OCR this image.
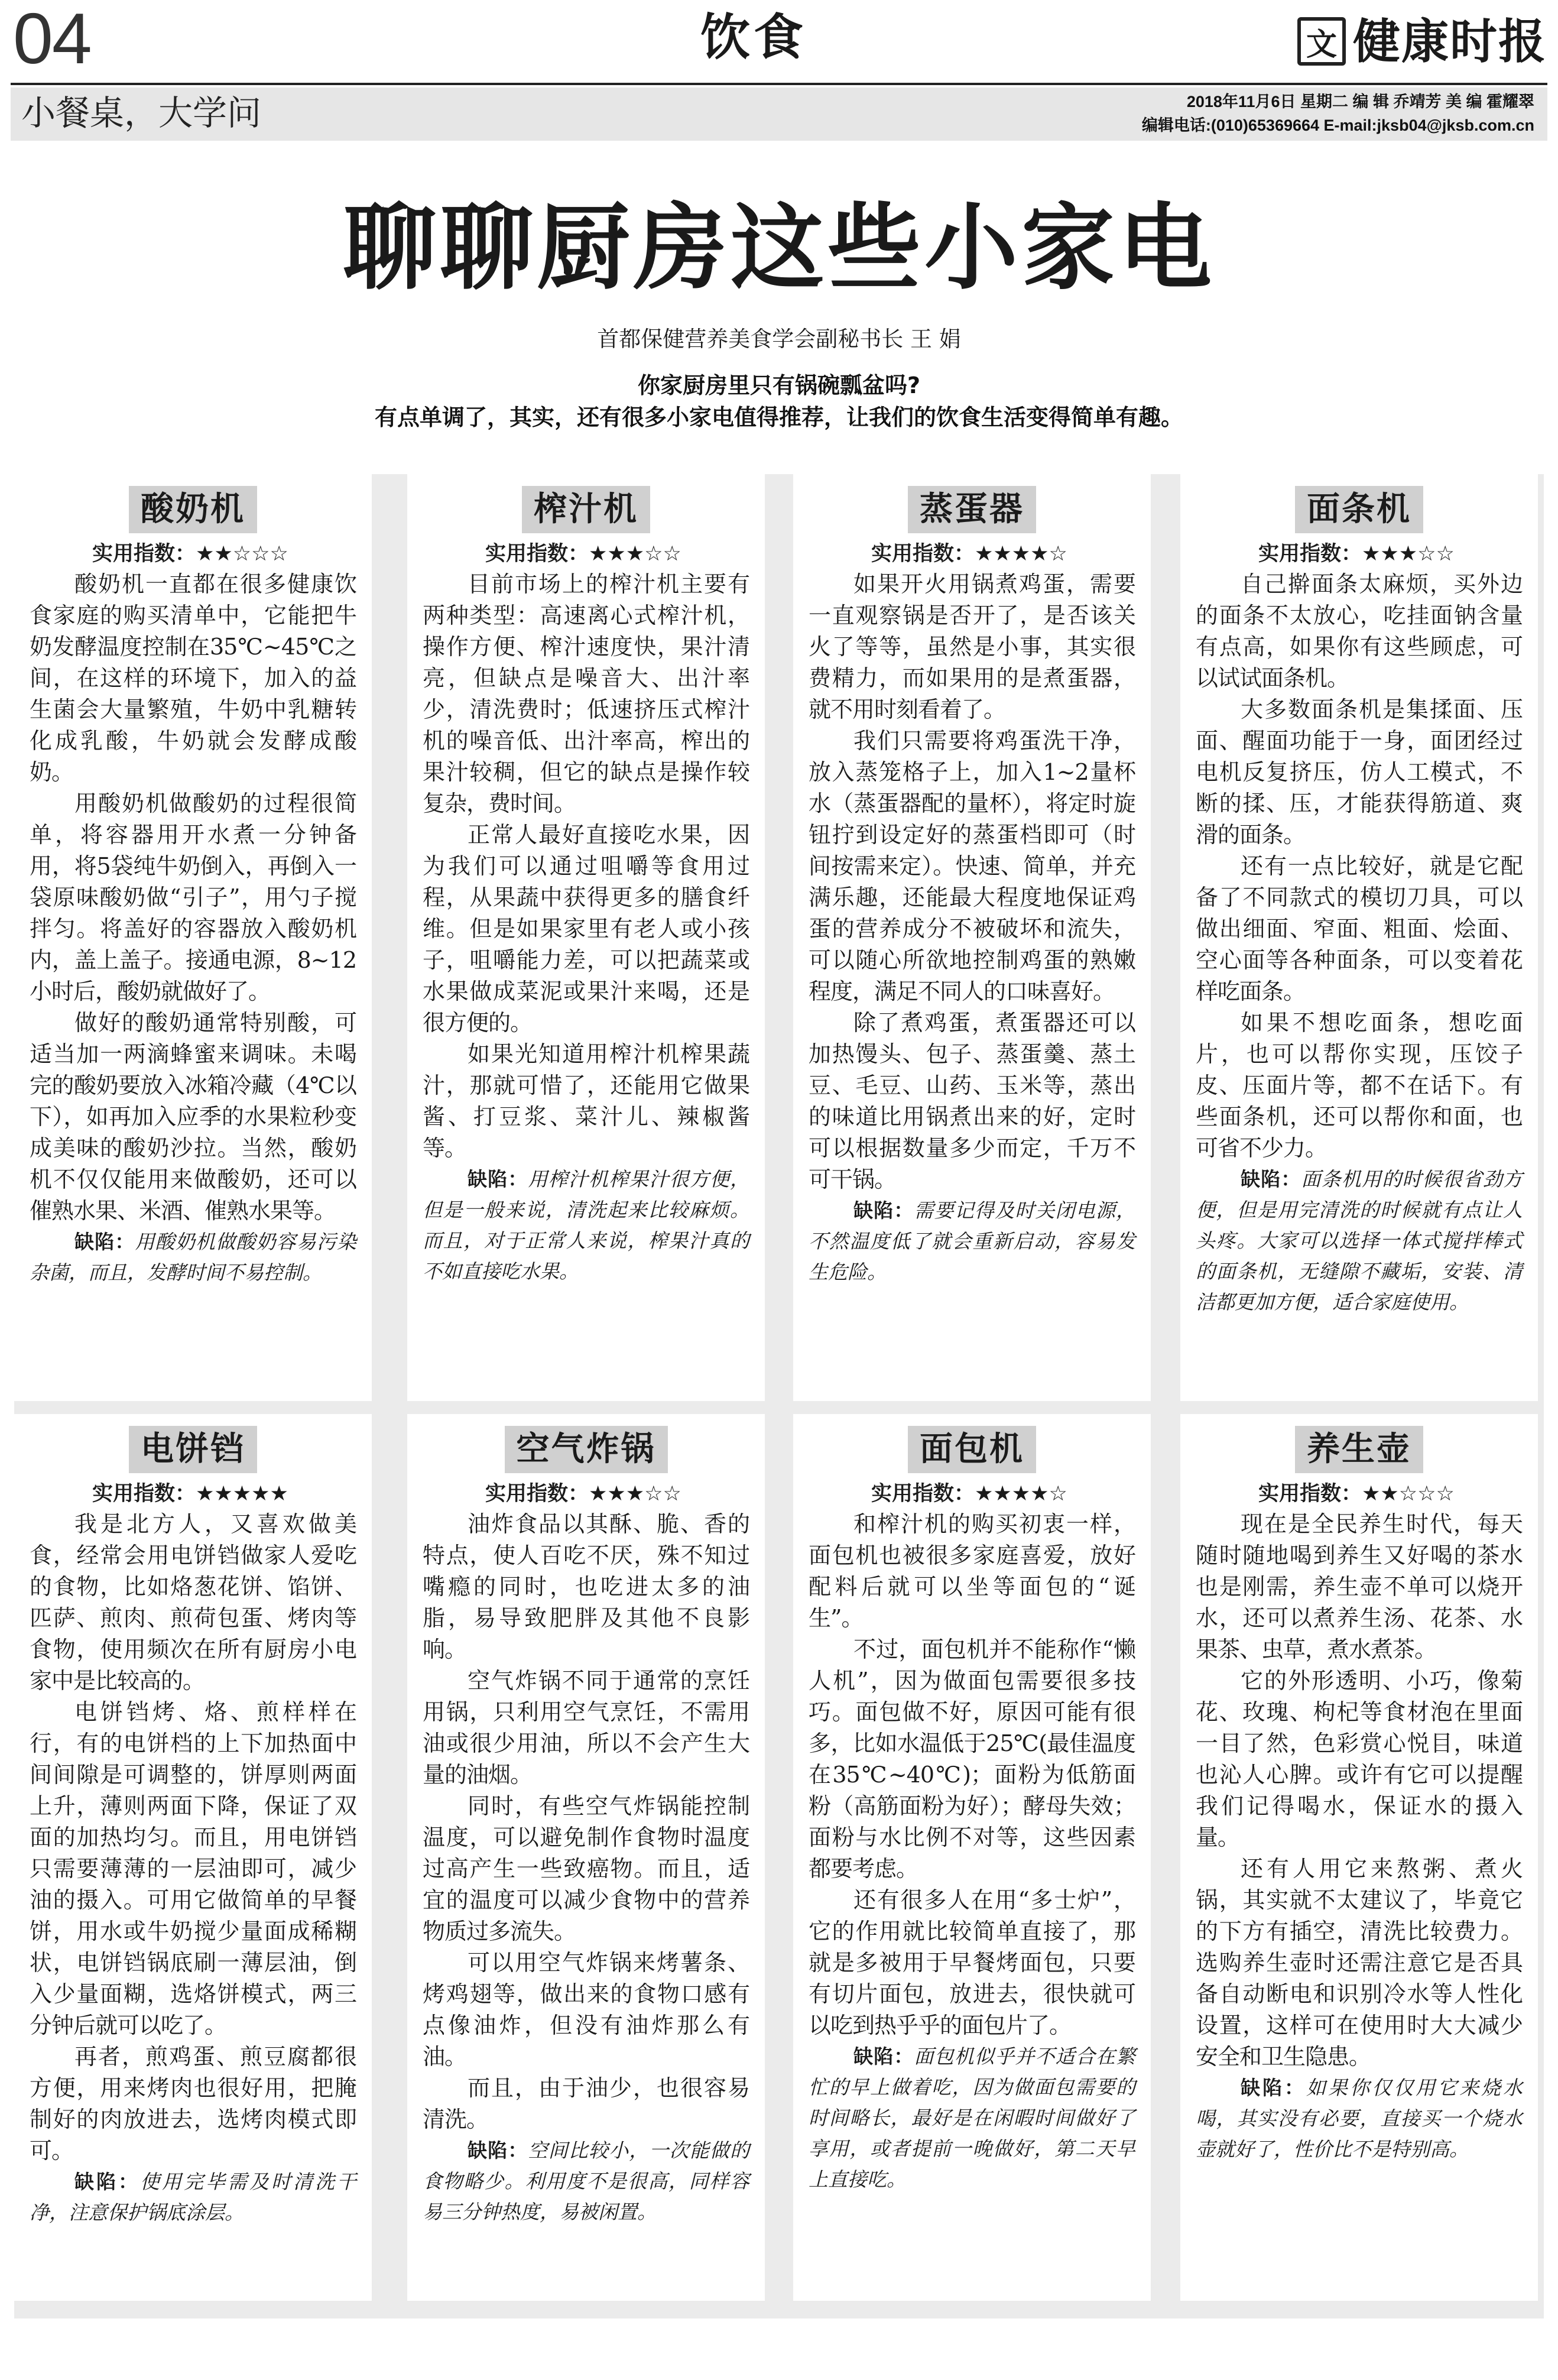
04	饮食	文 健康时报
小餐桌，大学问	2018年11月6日 星期二 编 辑 乔靖芳 美 编 霍耀翠
编辑电话:(010)65369664 E-mail:jksb04@jksb.com.cn
聊聊厨房这些小家电
首都保健营养美食学会副秘书长 王 娟

你家厨房里只有锅碗瓢盆吗?

有点单调了，其实，还有很多小家电值得推荐，让我们的饮食生活变得简单有趣。

酸奶机
实用指数：★★☆☆☆

酸奶机一直都在很多健康饮食家庭的购买清单中，它能把牛奶发酵温度控制在35℃~45℃之间，在这样的环境下，加入的益生菌会大量繁殖，牛奶中乳糖转化成乳酸，牛奶就会发酵成酸奶。

用酸奶机做酸奶的过程很简单，将容器用开水煮一分钟备用，将5袋纯牛奶倒入，再倒入一袋原味酸奶做“引子”，用勺子搅拌匀。将盖好的容器放入酸奶机内，盖上盖子。接通电源，8~12小时后，酸奶就做好了。

做好的酸奶通常特别酸，可适当加一两滴蜂蜜来调味。未喝完的酸奶要放入冰箱冷藏（4℃以下），如再加入应季的水果粒秒变成美味的酸奶沙拉。当然，酸奶机不仅仅能用来做酸奶，还可以催熟水果、米酒、催熟水果等。

缺陷：用酸奶机做酸奶容易污染杂菌，而且，发酵时间不易控制。

榨汁机
实用指数：★★★☆☆

目前市场上的榨汁机主要有两种类型：高速离心式榨汁机，操作方便、榨汁速度快，果汁清亮，但缺点是噪音大、出汁率少，清洗费时；低速挤压式榨汁机的噪音低、出汁率高，榨出的果汁较稠，但它的缺点是操作较复杂，费时间。

正常人最好直接吃水果，因为我们可以通过咀嚼等食用过程，从果蔬中获得更多的膳食纤维。但是如果家里有老人或小孩子，咀嚼能力差，可以把蔬菜或水果做成菜泥或果汁来喝，还是很方便的。

如果光知道用榨汁机榨果蔬汁，那就可惜了，还能用它做果酱、打豆浆、菜汁儿、辣椒酱等。

缺陷：用榨汁机榨果汁很方便，但是一般来说，清洗起来比较麻烦。而且，对于正常人来说，榨果汁真的不如直接吃水果。

蒸蛋器
实用指数：★★★★☆

如果开火用锅煮鸡蛋，需要一直观察锅是否开了，是否该关火了等等，虽然是小事，其实很费精力，而如果用的是煮蛋器，就不用时刻看着了。

我们只需要将鸡蛋洗干净，放入蒸笼格子上，加入1~2量杯水（蒸蛋器配的量杯），将定时旋钮拧到设定好的蒸蛋档即可（时间按需来定）。快速、简单，并充满乐趣，还能最大程度地保证鸡蛋的营养成分不被破坏和流失，可以随心所欲地控制鸡蛋的熟嫩程度，满足不同人的口味喜好。

除了煮鸡蛋，煮蛋器还可以加热馒头、包子、蒸蛋羹、蒸土豆、毛豆、山药、玉米等，蒸出的味道比用锅煮出来的好，定时可以根据数量多少而定，千万不可干锅。

缺陷：需要记得及时关闭电源，不然温度低了就会重新启动，容易发生危险。

面条机
实用指数：★★★☆☆

自己擀面条太麻烦，买外边的面条不太放心，吃挂面钠含量有点高，如果你有这些顾虑，可以试试面条机。

大多数面条机是集揉面、压面、醒面功能于一身，面团经过电机反复挤压，仿人工模式，不断的揉、压，才能获得筋道、爽滑的面条。

还有一点比较好，就是它配备了不同款式的模切刀具，可以做出细面、窄面、粗面、烩面、空心面等各种面条，可以变着花样吃面条。

如果不想吃面条，想吃面片，也可以帮你实现，压饺子皮、压面片等，都不在话下。有些面条机，还可以帮你和面，也可省不少力。

缺陷：面条机用的时候很省劲方便，但是用完清洗的时候就有点让人头疼。大家可以选择一体式搅拌棒式的面条机，无缝隙不藏垢，安装、清洁都更加方便，适合家庭使用。

电饼铛
实用指数：★★★★★

我是北方人，又喜欢做美食，经常会用电饼铛做家人爱吃的食物，比如烙葱花饼、馅饼、匹萨、煎肉、煎荷包蛋、烤肉等食物，使用频次在所有厨房小电家中是比较高的。

电饼铛烤、烙、煎样样在行，有的电饼档的上下加热面中间间隙是可调整的，饼厚则两面上升，薄则两面下降，保证了双面的加热均匀。而且，用电饼铛只需要薄薄的一层油即可，减少油的摄入。可用它做简单的早餐饼，用水或牛奶搅少量面成稀糊状，电饼铛锅底刷一薄层油，倒入少量面糊，选烙饼模式，两三分钟后就可以吃了。

再者，煎鸡蛋、煎豆腐都很方便，用来烤肉也很好用，把腌制好的肉放进去，选烤肉模式即可。

缺陷：使用完毕需及时清洗干净，注意保护锅底涂层。

空气炸锅
实用指数：★★★☆☆

油炸食品以其酥、脆、香的特点，使人百吃不厌，殊不知过嘴瘾的同时，也吃进太多的油脂，易导致肥胖及其他不良影响。

空气炸锅不同于通常的烹饪用锅，只利用空气烹饪，不需用油或很少用油，所以不会产生大量的油烟。

同时，有些空气炸锅能控制温度，可以避免制作食物时温度过高产生一些致癌物。而且，适宜的温度可以减少食物中的营养物质过多流失。

可以用空气炸锅来烤薯条、烤鸡翅等，做出来的食物口感有点像油炸，但没有油炸那么有油。

而且，由于油少，也很容易清洗。

缺陷：空间比较小，一次能做的食物略少。利用度不是很高，同样容易三分钟热度，易被闲置。

面包机
实用指数：★★★★☆

和榨汁机的购买初衷一样，面包机也被很多家庭喜爱，放好配料后就可以坐等面包的“诞生”。

不过，面包机并不能称作“懒人机”，因为做面包需要很多技巧。面包做不好，原因可能有很多，比如水温低于25℃(最佳温度在35℃~40℃)；面粉为低筋面粉（高筋面粉为好）；酵母失效；面粉与水比例不对等，这些因素都要考虑。

还有很多人在用“多士炉”，它的作用就比较简单直接了，那就是多被用于早餐烤面包，只要有切片面包，放进去，很快就可以吃到热乎乎的面包片了。

缺陷：面包机似乎并不适合在繁忙的早上做着吃，因为做面包需要的时间略长，最好是在闲暇时间做好了享用，或者提前一晚做好，第二天早上直接吃。

养生壶
实用指数：★★☆☆☆

现在是全民养生时代，每天随时随地喝到养生又好喝的茶水也是刚需，养生壶不单可以烧开水，还可以煮养生汤、花茶、水果茶、虫草，煮水煮茶。

它的外形透明、小巧，像菊花、玫瑰、枸杞等食材泡在里面一目了然，色彩赏心悦目，味道也沁人心脾。或许有它可以提醒我们记得喝水，保证水的摄入量。

还有人用它来熬粥、煮火锅，其实就不太建议了，毕竟它的下方有插空，清洗比较费力。选购养生壶时还需注意它是否具备自动断电和识别冷水等人性化设置，这样可在使用时大大减少安全和卫生隐患。

缺陷：如果你仅仅用它来烧水喝，其实没有必要，直接买一个烧水壶就好了，性价比不是特别高。
